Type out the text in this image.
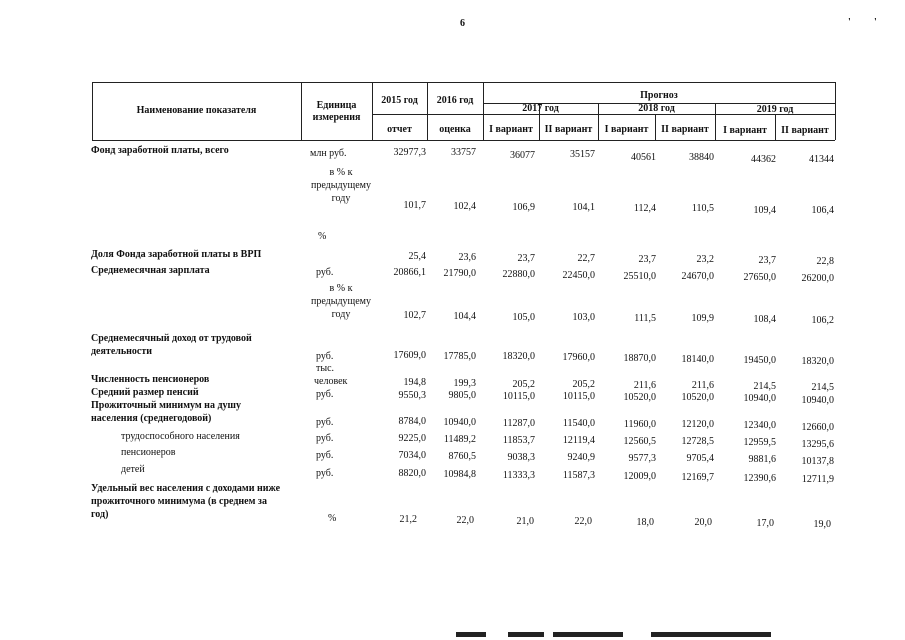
6	' '
Наименование показателя	Единица
измерения
2015 год	2016 год	Прогноз
2017 год	2018 год	2019 год
отчет	оценка	I вариант	II вариант	I вариант	II вариант	I вариант	II вариант
Фонд заработной платы, всего	млн руб.	32977,3	33757	36077	35157	40561	38840	44362	41344
в % к
предыдущему
году
101,7	102,4	106,9	104,1	112,4	110,5	109,4	106,4
%
Доля Фонда заработной платы в ВРП	25,4	23,6	23,7	22,7	23,7	23,2	23,7	22,8
Среднемесячная зарплата	руб.	20866,1 21790,0	22880,0	22450,0	25510,0	24670,0	27650,0	26200,0
в % к
предыдущему
году	102,7	104,4	105,0	103,0	111,5	109,9	108,4	106,2
Среднемесячный доход от трудовой
деятельности	руб.	17609,0 17785,0	18320,0	17960,0	18870,0	18140,0	19450,0	18320,0
Численность пенсионеров
тыс.
человек	194,8	199,3	205,2	205,2	211,6	211,6	214,5	214,5
Средний размер пенсий	руб.	9550,3 9805,0	10115,0	10115,0	10520,0	10520,0	10940,0	10940,0
Прожиточный минимум на душу
населения (среднегодовой)	руб.	8784,0 10940,0	11287,0	11540,0	11960,0	12120,0	12340,0	12660,0
трудоспособного населения	руб.	9225,0 11489,2	11853,7	12119,4	12560,5	12728,5	12959,5	13295,6
пенсионеров	руб.	7034,0 8760,5	9038,3	9240,9	9577,3	9705,4	9881,6	10137,8
детей	руб.	8820,0 10984,8	11333,3	11587,3	12009,0	12169,7	12390,6	12711,9
Удельный вес населения с доходами ниже
прожиточного минимума (в среднем за
год)	%	21,2	22,0	21,0	22,0	18,0	20,0	17,0	19,0
